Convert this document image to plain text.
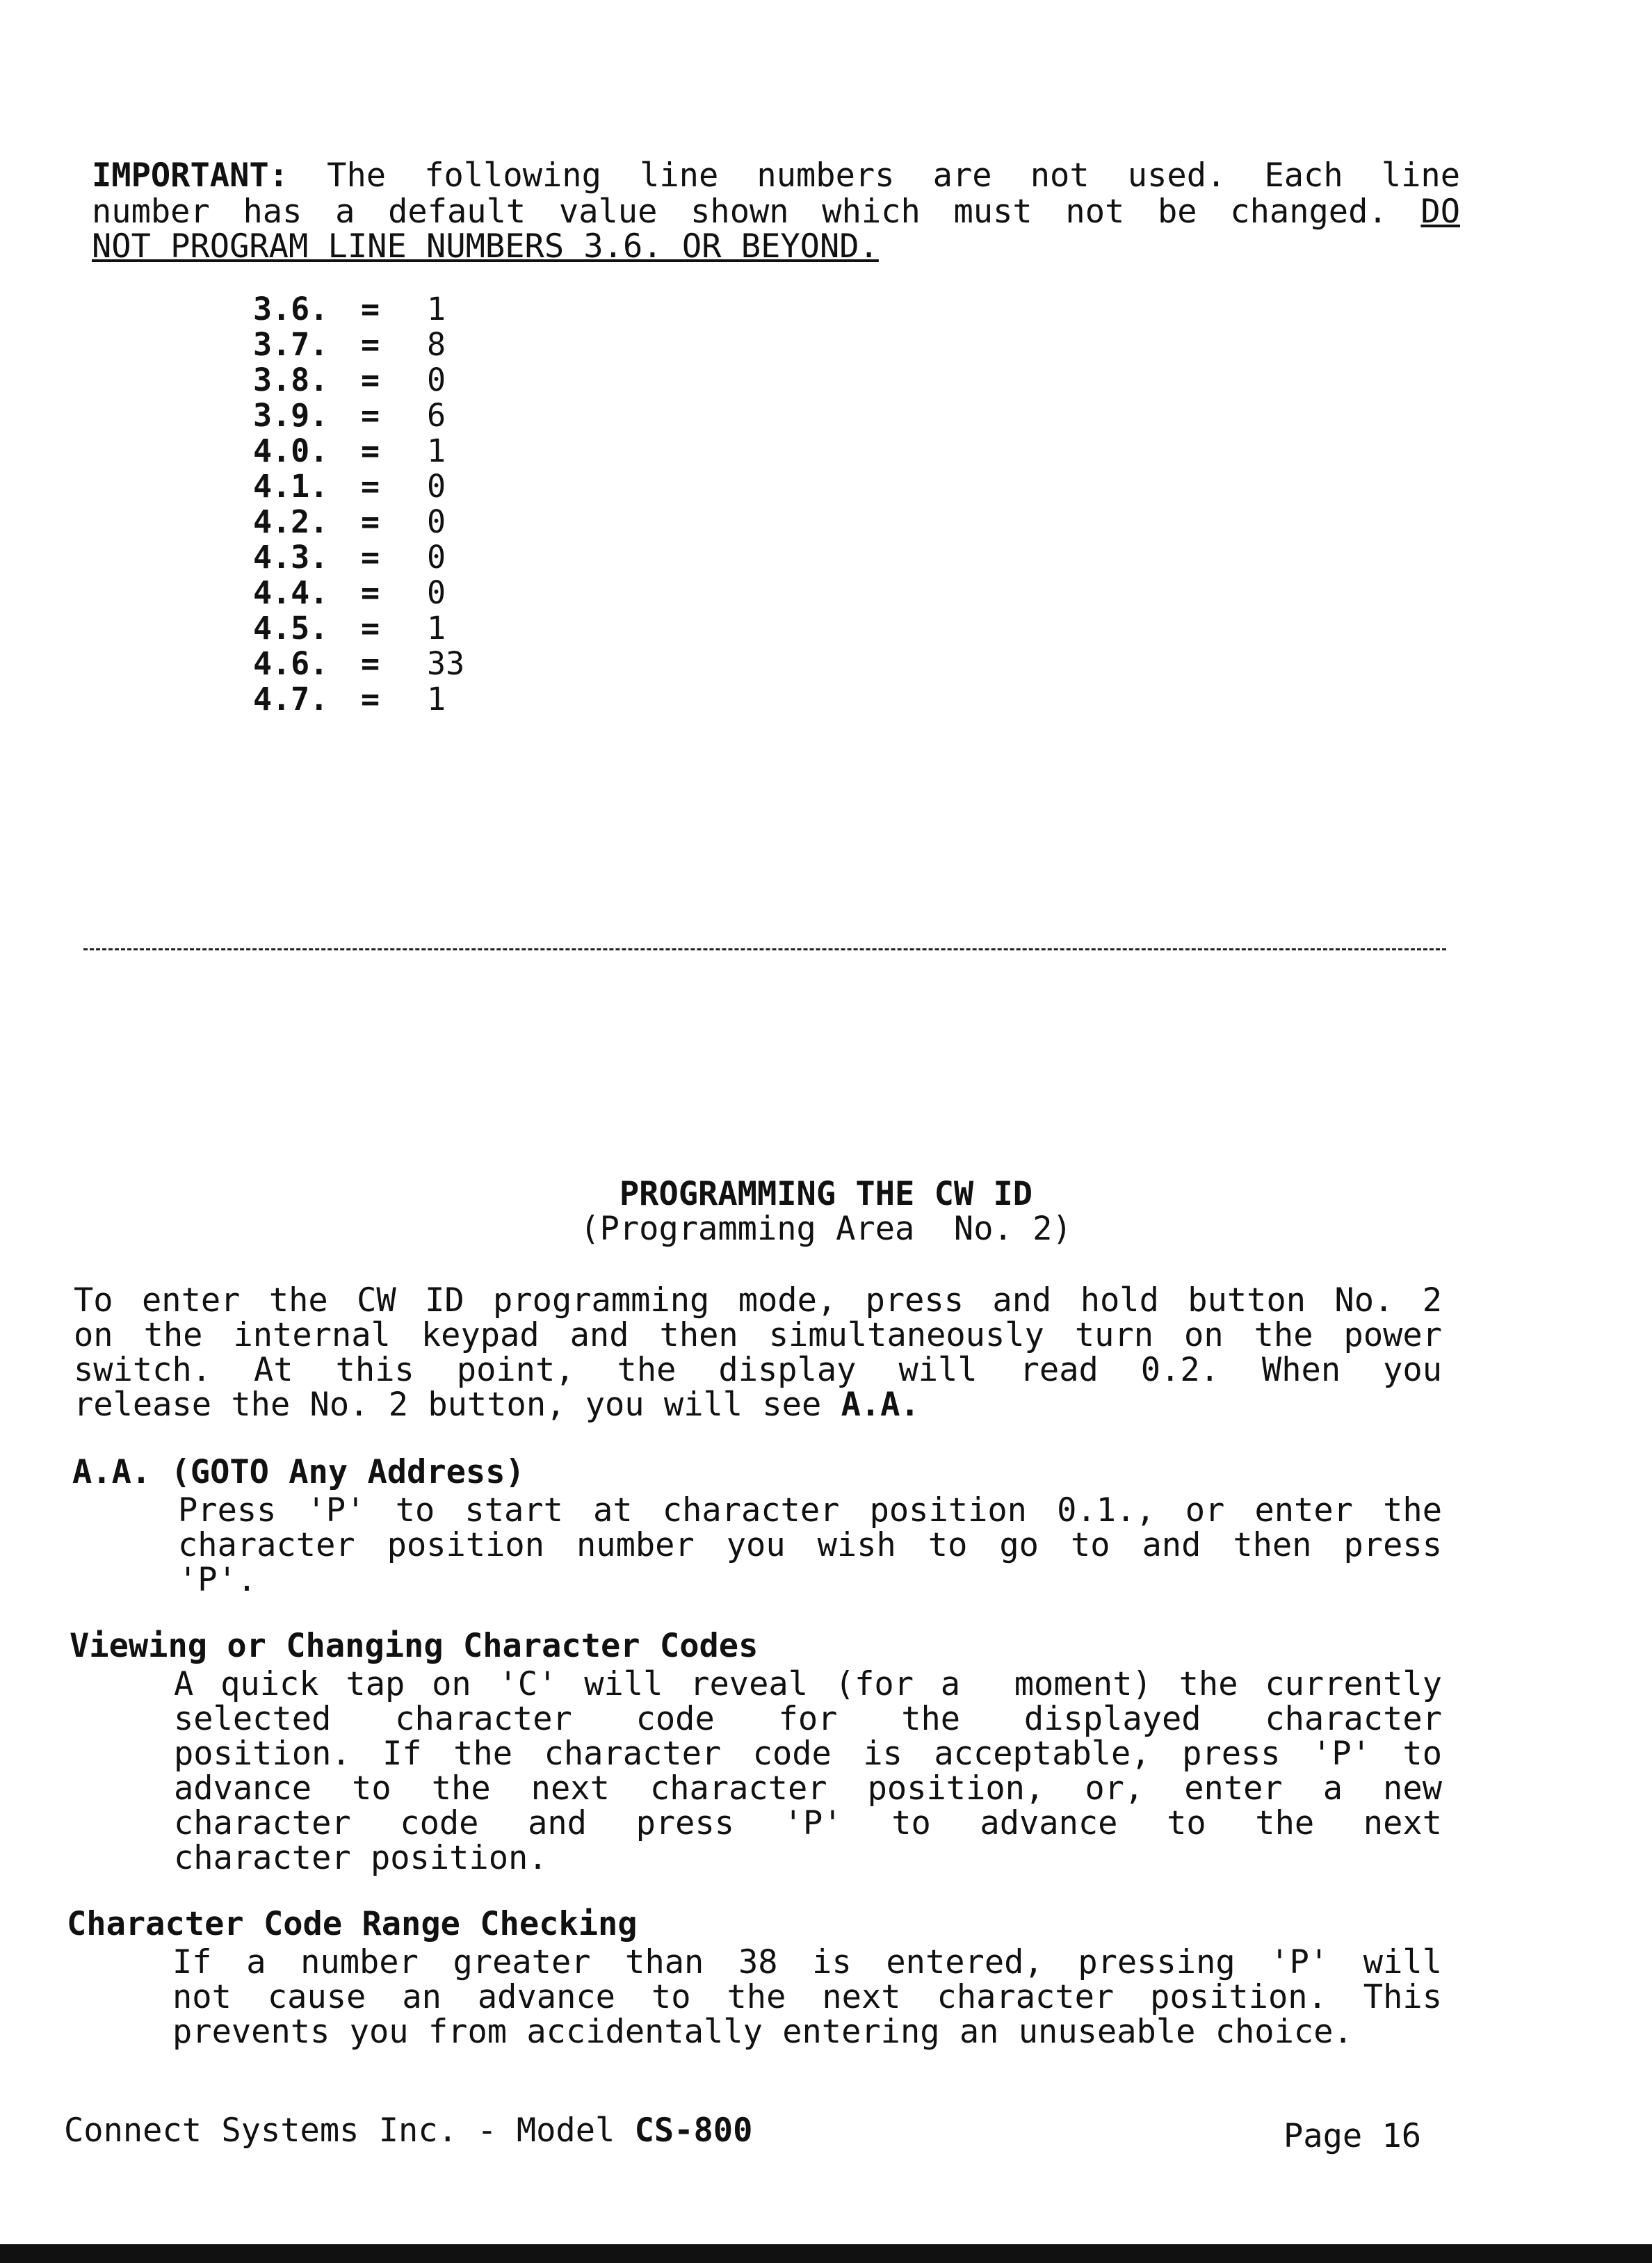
IMPORTANT: The following line numbers are not used. Each line
number has a default value shown which must not be changed. DO
NOT PROGRAM LINE NUMBERS 3.6. OR BEYOND.
3.6. = 1
3.7. = 8
3.8. = 0
3.9. = 6
4.0. = 1
4.1. = 0
4.2. = 0
4.3. = 0
4.4. = 0
4.5. = 1
4.6. = 33
4.7. = 1
PROGRAMMING THE CW ID
(Programming Area  No. 2)
To enter the CW ID programming mode, press and hold button No. 2
on the internal keypad and then simultaneously turn on the power
switch. At this point, the display will read 0.2. When you
release the No. 2 button, you will see A.A.
A.A. (GOTO Any Address)
Press 'P' to start at character position 0.1., or enter the
character position number you wish to go to and then press
'P'.
Viewing or Changing Character Codes
A quick tap on 'C' will reveal (for a  moment) the currently
selected character code for the displayed character
position. If the character code is acceptable, press 'P' to
advance to the next character position, or, enter a new
character code and press 'P' to advance to the next
character position.
Character Code Range Checking
If a number greater than 38 is entered, pressing 'P' will
not cause an advance to the next character position. This
prevents you from accidentally entering an unuseable choice.
Connect Systems Inc. - Model CS-800	Page 16
